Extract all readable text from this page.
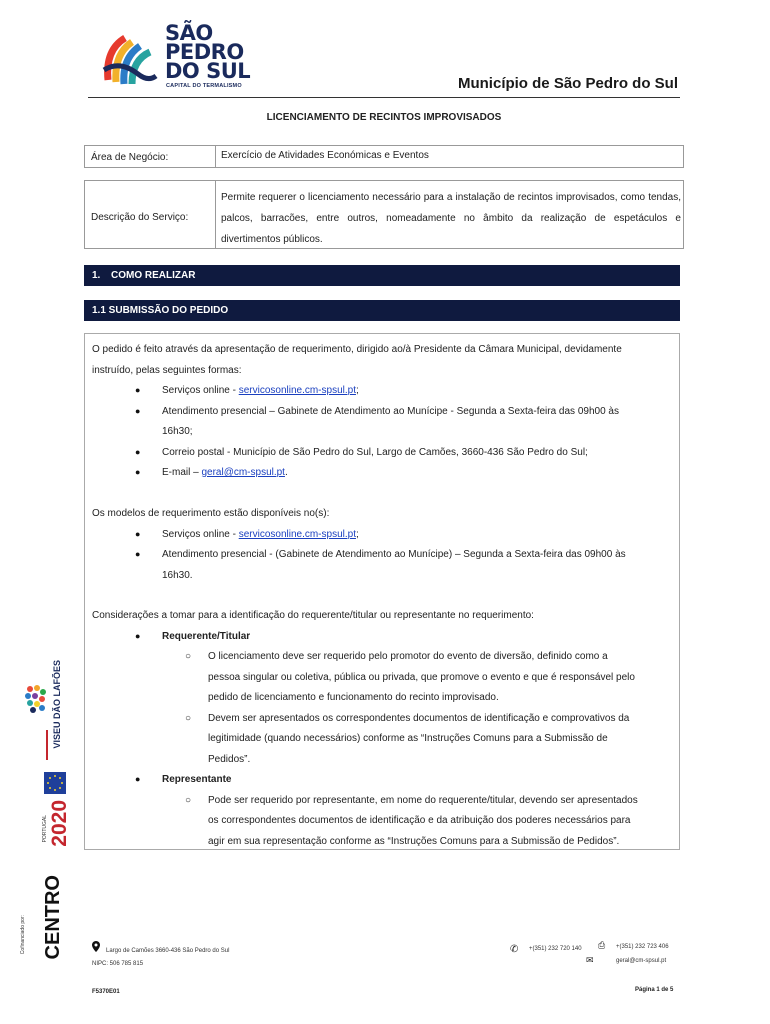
SÃO
PEDRO
DO SUL
CAPITAL DO TERMALISMO	Município de São Pedro do Sul
LICENCIAMENTO DE RECINTOS IMPROVISADOS
Área de Negócio:	Exercício de Atividades Económicas e Eventos
Descrição do Serviço:
Permite requerer o licenciamento necessário para a instalação de recintos improvisados, como tendas, palcos, barracões, entre outros, nomeadamente no âmbito da realização de espetáculos e divertimentos públicos.
1. COMO REALIZAR
1.1 SUBMISSÃO DO PEDIDO
O pedido é feito através da apresentação de requerimento, dirigido ao/à Presidente da Câmara Municipal, devidamente
instruído, pelas seguintes formas:
● Serviços online - servicosonline.cm-spsul.pt;
● Atendimento presencial – Gabinete de Atendimento ao Munícipe - Segunda a Sexta-feira das 09h00 às
16h30;
● Correio postal - Município de São Pedro do Sul, Largo de Camões, 3660-436 São Pedro do Sul;
● E-mail – geral@cm-spsul.pt.
Os modelos de requerimento estão disponíveis no(s):
● Serviços online - servicosonline.cm-spsul.pt;
● Atendimento presencial - (Gabinete de Atendimento ao Munícipe) – Segunda a Sexta-feira das 09h00 às
16h30.
Considerações a tomar para a identificação do requerente/titular ou representante no requerimento:
● Requerente/Titular
○ O licenciamento deve ser requerido pelo promotor do evento de diversão, definido como a
pessoa singular ou coletiva, pública ou privada, que promove o evento e que é responsável pelo
pedido de licenciamento e funcionamento do recinto improvisado.
○ Devem ser apresentados os correspondentes documentos de identificação e comprovativos da
legitimidade (quando necessários) conforme as “Instruções Comuns para a Submissão de
Pedidos”.
● Representante
○ Pode ser requerido por representante, em nome do requerente/titular, devendo ser apresentados
os correspondentes documentos de identificação e da atribuição dos poderes necessários para
agir em sua representação conforme as “Instruções Comuns para a Submissão de Pedidos”.
VISEU DÃO LAFÕES
PORTUGAL 2020
Cofinanciado por: CENTRO	Largo de Camões 3660-436 São Pedro do Sul
NIPC: 506 785 815
✆ +(351) 232 720 140 ⎙ +(351) 232 723 406
✉	geral@cm-spsul.pt
F5370E01	Página 1 de 5
